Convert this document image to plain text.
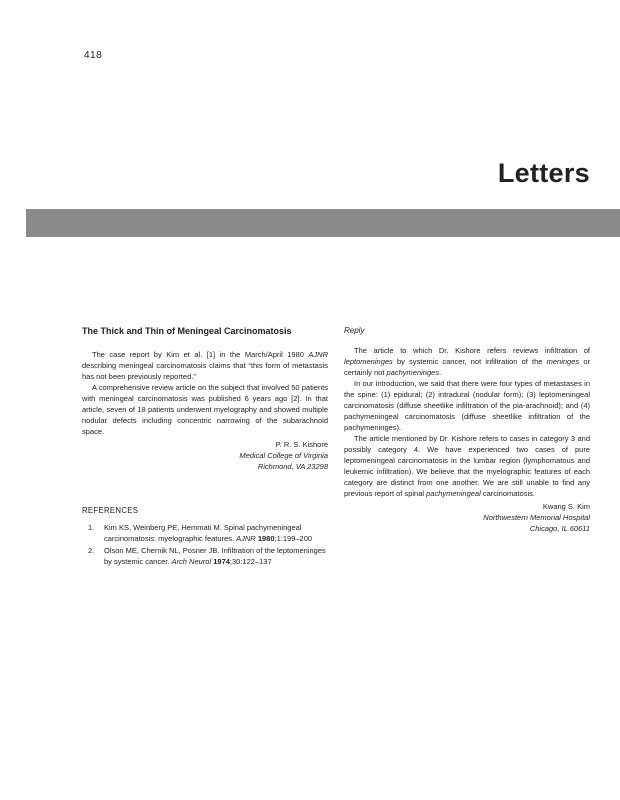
418
Letters
The Thick and Thin of Meningeal Carcinomatosis

The case report by Kim et al. [1] in the March/April 1980 AJNR describing meningeal carcinomatosis claims that “this form of metastasis has not been previously reported.”

A comprehensive review article on the subject that involved 50 patients with meningeal carcinomatosis was published 6 years ago [2]. In that article, seven of 18 patients underwent myelography and showed multiple nodular defects including concentric narrowing of the subarachnoid space.

P. R. S. Kishore

Medical College of Virginia

Richmond, VA 23298

REFERENCES
1.	Kim KS, Weinberg PE, Hemmati M. Spinal pachymeningeal carcinomatosis: myelographic features. AJNR 1980;1:199–200
2.	Olson ME, Chernik NL, Posner JB. Infiltration of the leptomeninges by systemic cancer. Arch Neurol 1974;30:122–137
Reply

The article to which Dr. Kishore refers reviews infiltration of leptomeninges by systemic cancer, not infiltration of the meninges or certainly not pachymeninges.

In our introduction, we said that there were four types of metastases in the spine: (1) epidural; (2) intradural (nodular form); (3) leptomeningeal carcinomatosis (diffuse sheetlike infiltration of the pia-arachnoid); and (4) pachymeningeal carcinomatosis (diffuse sheetlike infiltration of the pachymeninges).

The article mentioned by Dr. Kishore refers to cases in category 3 and possibly category 4. We have experienced two cases of pure leptomeningeal carcinomatosis in the lumbar region (lymphomatous and leukemic infiltration). We believe that the myelographic features of each category are distinct from one another. We are still unable to find any previous report of spinal pachymeningeal carcinomatosis.

Kwang S. Kim

Northwestern Memorial Hospital

Chicago, IL 60611
